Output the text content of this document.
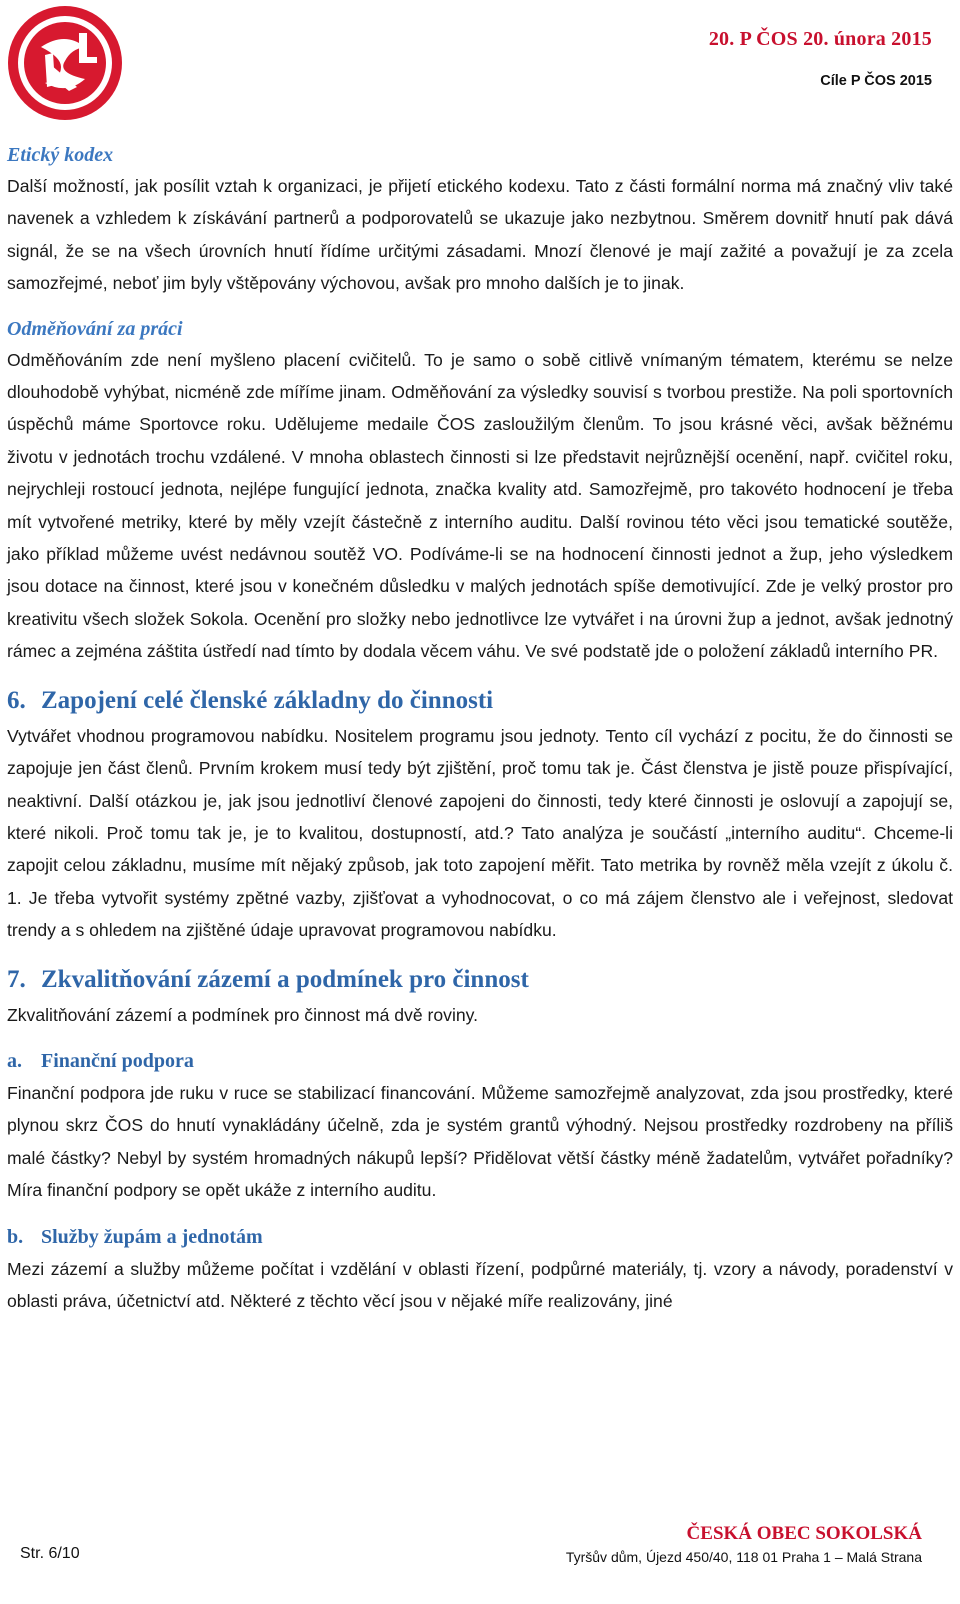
20. P ČOS 20. února 2015
Cíle P ČOS 2015
Etický kodex
Další možností, jak posílit vztah k organizaci, je přijetí etického kodexu. Tato z části formální norma má značný vliv také navenek a vzhledem k získávání partnerů a podporovatelů se ukazuje jako nezbytnou. Směrem dovnitř hnutí pak dává signál, že se na všech úrovních hnutí řídíme určitými zásadami. Mnozí členové je mají zažité a považují je za zcela samozřejmé, neboť jim byly vštěpovány výchovou, avšak pro mnoho dalších je to jinak.
Odměňování za práci
Odměňováním zde není myšleno placení cvičitelů. To je samo o sobě citlivě vnímaným tématem, kterému se nelze dlouhodobě vyhýbat, nicméně zde míříme jinam. Odměňování za výsledky souvisí s tvorbou prestiže. Na poli sportovních úspěchů máme Sportovce roku. Udělujeme medaile ČOS zasloužilým členům. To jsou krásné věci, avšak běžnému životu v jednotách trochu vzdálené. V mnoha oblastech činnosti si lze představit nejrůznější ocenění, např. cvičitel roku, nejrychleji rostoucí jednota, nejlépe fungující jednota, značka kvality atd. Samozřejmě, pro takovéto hodnocení je třeba mít vytvořené metriky, které by měly vzejít částečně z interního auditu. Další rovinou této věci jsou tematické soutěže, jako příklad můžeme uvést nedávnou soutěž VO. Podíváme-li se na hodnocení činnosti jednot a žup, jeho výsledkem jsou dotace na činnost, které jsou v konečném důsledku v malých jednotách spíše demotivující. Zde je velký prostor pro kreativitu všech složek Sokola. Ocenění pro složky nebo jednotlivce lze vytvářet i na úrovni žup a jednot, avšak jednotný rámec a zejména záštita ústředí nad tímto by dodala věcem váhu. Ve své podstatě jde o položení základů interního PR.
6. Zapojení celé členské základny do činnosti
Vytvářet vhodnou programovou nabídku. Nositelem programu jsou jednoty. Tento cíl vychází z pocitu, že do činnosti se zapojuje jen část členů. Prvním krokem musí tedy být zjištění, proč tomu tak je. Část členstva je jistě pouze přispívající, neaktivní. Další otázkou je, jak jsou jednotliví členové zapojeni do činnosti, tedy které činnosti je oslovují a zapojují se, které nikoli. Proč tomu tak je, je to kvalitou, dostupností, atd.? Tato analýza je součástí „interního auditu“. Chceme-li zapojit celou základnu, musíme mít nějaký způsob, jak toto zapojení měřit. Tato metrika by rovněž měla vzejít z úkolu č. 1. Je třeba vytvořit systémy zpětné vazby, zjišťovat a vyhodnocovat, o co má zájem členstvo ale i veřejnost, sledovat trendy a s ohledem na zjištěné údaje upravovat programovou nabídku.
7. Zkvalitňování zázemí a podmínek pro činnost
Zkvalitňování zázemí a podmínek pro činnost má dvě roviny.
a. Finanční podpora
Finanční podpora jde ruku v ruce se stabilizací financování. Můžeme samozřejmě analyzovat, zda jsou prostředky, které plynou skrz ČOS do hnutí vynakládány účelně, zda je systém grantů výhodný. Nejsou prostředky rozdrobeny na příliš malé částky? Nebyl by systém hromadných nákupů lepší? Přidělovat větší částky méně žadatelům, vytvářet pořadníky? Míra finanční podpory se opět ukáže z interního auditu.
b. Služby župám a jednotám
Mezi zázemí a služby můžeme počítat i vzdělání v oblasti řízení, podpůrné materiály, tj. vzory a návody, poradenství v oblasti práva, účetnictví atd. Některé z těchto věcí jsou v nějaké míře realizovány, jiné
Str. 6/10
ČESKÁ OBEC SOKOLSKÁ
Tyršův dům, Újezd 450/40, 118 01 Praha 1 – Malá Strana
